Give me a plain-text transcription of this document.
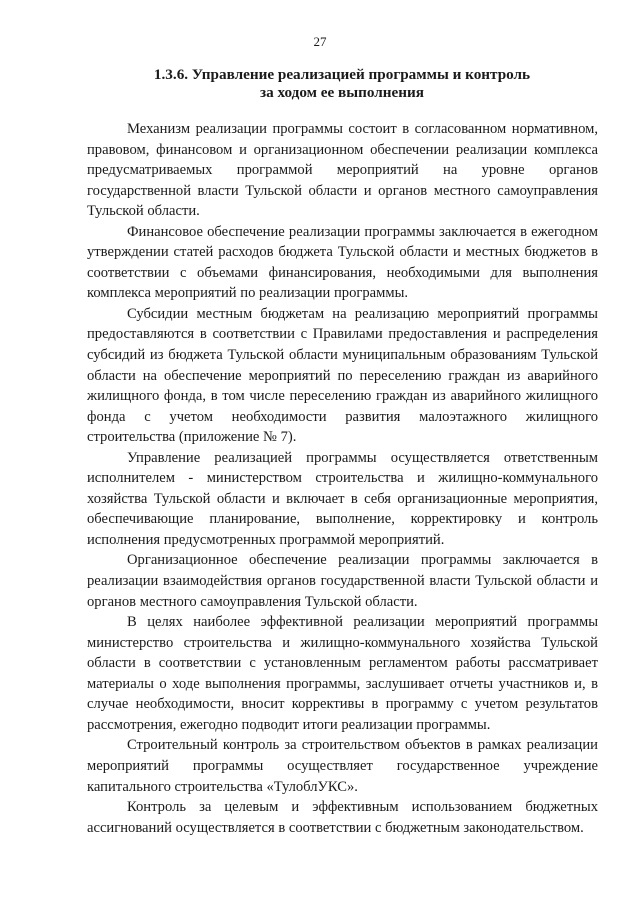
27
1.3.6. Управление реализацией программы и контроль
за ходом ее выполнения

Механизм реализации программы состоит в согласованном нормативном, правовом, финансовом и организационном обеспечении реализации комплекса предусматриваемых программой мероприятий на уровне органов государственной власти Тульской области и органов местного самоуправления Тульской области.

Финансовое обеспечение реализации программы заключается в ежегодном утверждении статей расходов бюджета Тульской области и местных бюджетов в соответствии с объемами финансирования, необходимыми для выполнения комплекса мероприятий по реализации программы.

Субсидии местным бюджетам на реализацию мероприятий программы предоставляются в соответствии с Правилами предоставления и распределения субсидий из бюджета Тульской области муниципальным образованиям Тульской области на обеспечение мероприятий по переселению граждан из аварийного жилищного фонда, в том числе переселению граждан из аварийного жилищного фонда с учетом необходимости развития малоэтажного жилищного строительства (приложение № 7).

Управление реализацией программы осуществляется ответственным исполнителем - министерством строительства и жилищно-коммунального хозяйства Тульской области и включает в себя организационные мероприятия, обеспечивающие планирование, выполнение, корректировку и контроль исполнения предусмотренных программой мероприятий.

Организационное обеспечение реализации программы заключается в реализации взаимодействия органов государственной власти Тульской области и органов местного самоуправления Тульской области.

В целях наиболее эффективной реализации мероприятий программы министерство строительства и жилищно-коммунального хозяйства Тульской области в соответствии с установленным регламентом работы рассматривает материалы о ходе выполнения программы, заслушивает отчеты участников и, в случае необходимости, вносит коррективы в программу с учетом результатов рассмотрения, ежегодно подводит итоги реализации программы.

Строительный контроль за строительством объектов в рамках реализации мероприятий программы осуществляет государственное учреждение капитального строительства «ТулоблУКС».

Контроль за целевым и эффективным использованием бюджетных ассигнований осуществляется в соответствии с бюджетным законодательством.
